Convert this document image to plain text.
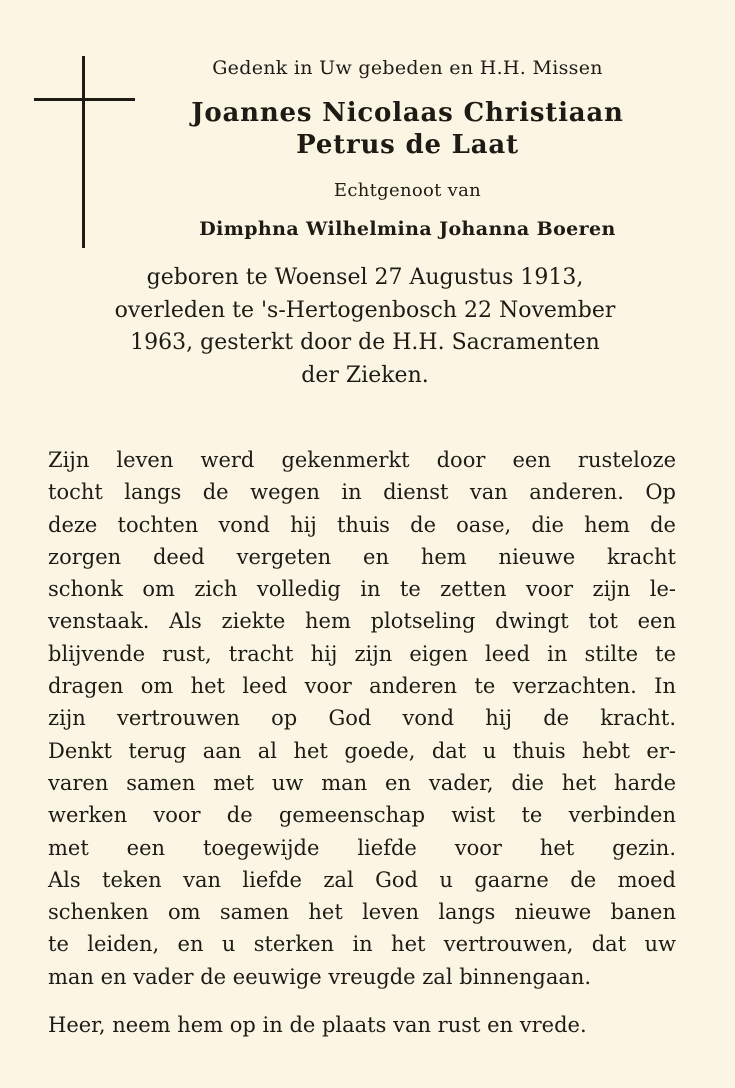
Gedenk in Uw gebeden en H.H. Missen
Joannes Nicolaas Christiaan
Petrus de Laat
Echtgenoot van
Dimphna Wilhelmina Johanna Boeren
geboren te Woensel 27 Augustus 1913,
overleden te 's-Hertogenbosch 22 November
1963, gesterkt door de H.H. Sacramenten
der Zieken.
Zijn leven werd gekenmerkt door een rusteloze
tocht langs de wegen in dienst van anderen. Op
deze tochten vond hij thuis de oase, die hem de
zorgen deed vergeten en hem nieuwe kracht
schonk om zich volledig in te zetten voor zijn le-
venstaak. Als ziekte hem plotseling dwingt tot een
blijvende rust, tracht hij zijn eigen leed in stilte te
dragen om het leed voor anderen te verzachten. In
zijn vertrouwen op God vond hij de kracht.
Denkt terug aan al het goede, dat u thuis hebt er-
varen samen met uw man en vader, die het harde
werken voor de gemeenschap wist te verbinden
met een toegewijde liefde voor het gezin.
Als teken van liefde zal God u gaarne de moed
schenken om samen het leven langs nieuwe banen
te leiden, en u sterken in het vertrouwen, dat uw
man en vader de eeuwige vreugde zal binnengaan.
Heer, neem hem op in de plaats van rust en vrede.
